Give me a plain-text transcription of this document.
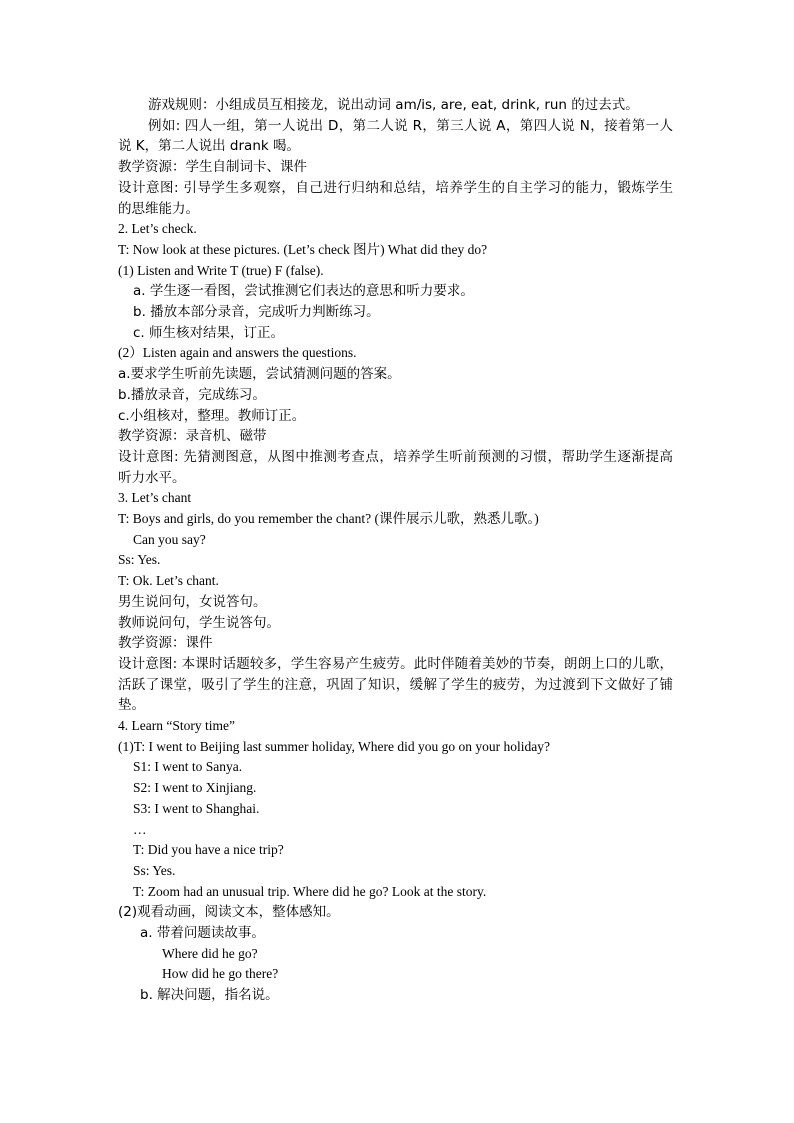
游戏规则：小组成员互相接龙，说出动词 am/is, are, eat, drink, run 的过去式。
例如: 四人一组，第一人说出 D，第二人说 R，第三人说 A，第四人说 N，接着第一人
说 K，第二人说出 drank 喝。
教学资源：学生自制词卡、课件
设计意图: 引导学生多观察，自己进行归纳和总结，培养学生的自主学习的能力，锻炼学生
的思维能力。
2. Let’s check.
T: Now look at these pictures. (Let’s check 图片) What did they do?
(1) Listen and Write T (true) F (false).
a. 学生逐一看图，尝试推测它们表达的意思和听力要求。
b. 播放本部分录音，完成听力判断练习。
c. 师生核对结果，订正。
(2）Listen again and answers the questions.
a.要求学生听前先读题，尝试猜测问题的答案。
b.播放录音，完成练习。
c.小组核对，整理。教师订正。
教学资源：录音机、磁带
设计意图: 先猜测图意，从图中推测考查点，培养学生听前预测的习惯，帮助学生逐渐提高
听力水平。
3. Let’s chant
T: Boys and girls, do you remember the chant? (课件展示儿歌，熟悉儿歌。)
Can you say?
Ss: Yes.
T: Ok. Let’s chant.
男生说问句，女说答句。
教师说问句，学生说答句。
教学资源：课件
设计意图: 本课时话题较多，学生容易产生疲劳。此时伴随着美妙的节奏，朗朗上口的儿歌，
活跃了课堂，吸引了学生的注意，巩固了知识，缓解了学生的疲劳，为过渡到下文做好了铺
垫。
4. Learn “Story time”
(1)T: I went to Beijing last summer holiday, Where did you go on your holiday?
S1: I went to Sanya.
S2: I went to Xinjiang.
S3: I went to Shanghai.
…
T: Did you have a nice trip?
Ss: Yes.
T: Zoom had an unusual trip. Where did he go? Look at the story.
(2)观看动画，阅读文本，整体感知。
a. 带着问题读故事。
Where did he go?
How did he go there?
b. 解决问题，指名说。
